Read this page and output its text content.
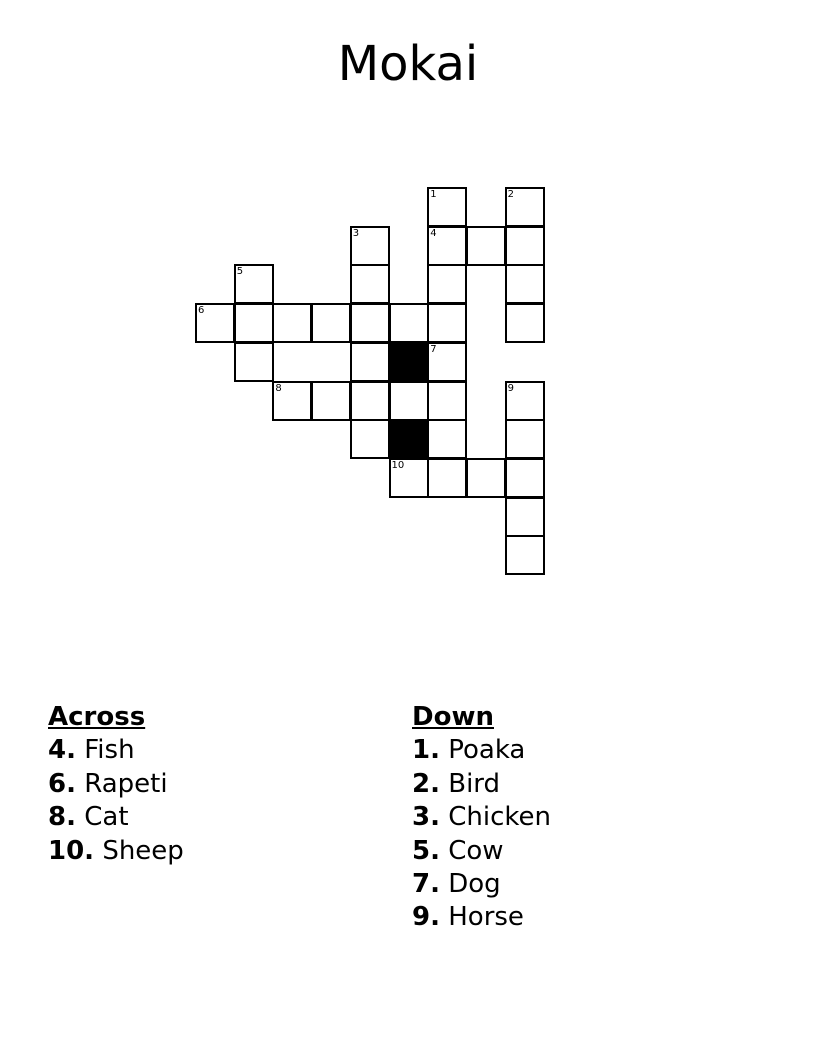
Mokai
1	2
3	4
5
6
7
8	9
10
Across
4. Fish
6. Rapeti
8. Cat
10. Sheep
Down
1. Poaka
2. Bird
3. Chicken
5. Cow
7. Dog
9. Horse
